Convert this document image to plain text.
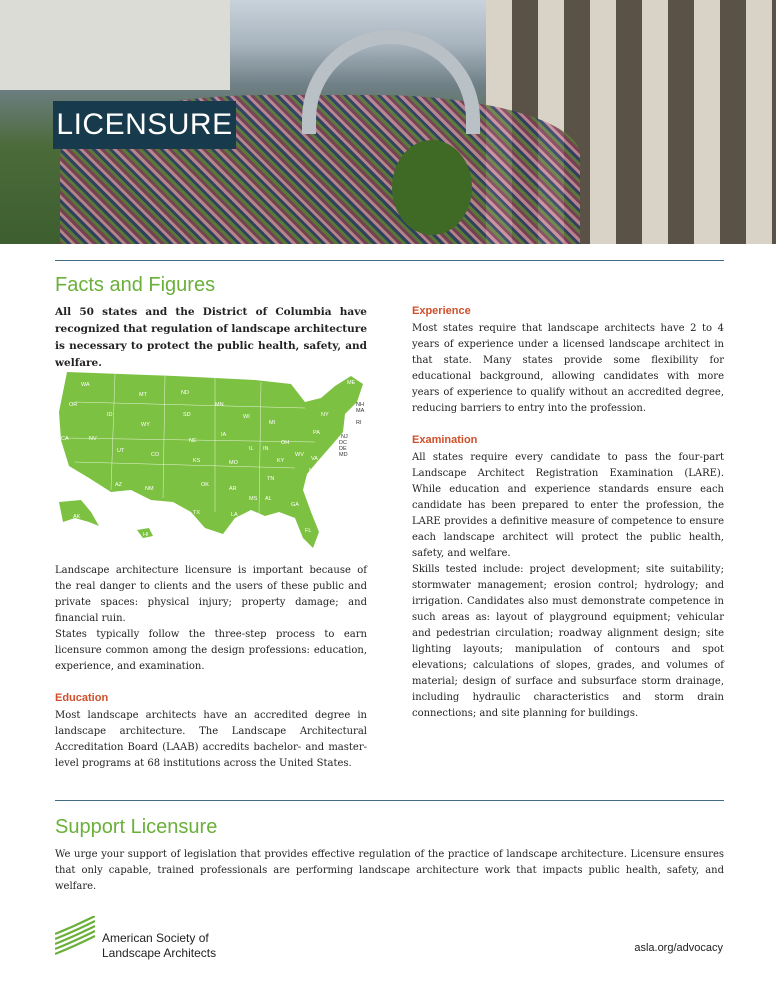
LICENSURE
Facts and Figures

All 50 states and the District of Columbia have recognized that regulation of landscape architecture is necessary to protect the public health, safety, and welfare.

WA
OR
CA	NV
ID
MT
WY
UT
CO
AZ
NM
ND
SD
NE
KS
OK
TX
MN
IA
MO
AR
LA
WI
IL
MS
MI
IN
KY
TN
AL
OH
WV
GA
FL
SC
NC
VA
PA
NY
ME
NH
MA
RI
NJ
DC
DE
MD
AK
HI

Landscape architecture licensure is important because of the real danger to clients and the users of these public and private spaces: physical injury; property damage; and financial ruin.

States typically follow the three-step process to earn licensure common among the design professions: education, experience, and examination.

Education

Most landscape architects have an accredited degree in landscape architecture. The Landscape Architectural Accreditation Board (LAAB) accredits bachelor- and master-level programs at 68 institutions across the United States.

Experience

Most states require that landscape architects have 2 to 4 years of experience under a licensed landscape architect in that state. Many states provide some flexibility for educational background, allowing candidates with more years of experience to qualify without an accredited degree, reducing barriers to entry into the profession.

Examination

All states require every candidate to pass the four-part Landscape Architect Registration Examination (LARE). While education and experience standards ensure each candidate has been prepared to enter the profession, the LARE provides a definitive measure of competence to ensure each landscape architect will protect the public health, safety, and welfare.

Skills tested include: project development; site suitability; stormwater management; erosion control; hydrology; and irrigation. Candidates also must demonstrate competence in such areas as: layout of playground equipment; vehicular and pedestrian circulation; roadway alignment design; site lighting layouts; manipulation of contours and spot elevations; calculations of slopes, grades, and volumes of material; design of surface and subsurface storm drainage, including hydraulic characteristics and storm drain connections; and site planning for buildings.

Support Licensure

We urge your support of legislation that provides effective regulation of the practice of landscape architecture. Licensure ensures that only capable, trained professionals are performing landscape architecture work that impacts public health, safety, and welfare.

American Society of
Landscape Architects	asla.org/advocacy
